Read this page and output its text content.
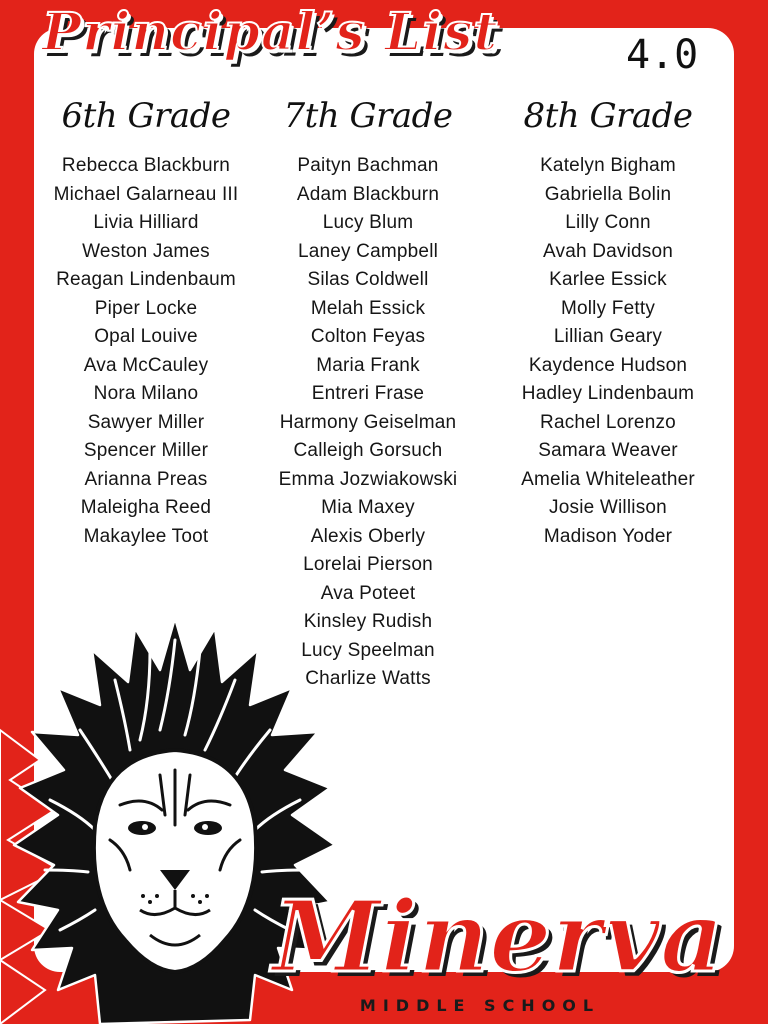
Principal’s List	4.0
6th Grade
Rebecca Blackburn
Michael Galarneau III
Livia Hilliard
Weston James
Reagan Lindenbaum
Piper Locke
Opal Louive
Ava McCauley
Nora Milano
Sawyer Miller
Spencer Miller
Arianna Preas
Maleigha Reed
Makaylee Toot
7th Grade
Paityn Bachman
Adam Blackburn
Lucy Blum
Laney Campbell
Silas Coldwell
Melah Essick
Colton Feyas
Maria Frank
Entreri Frase
Harmony Geiselman
Calleigh Gorsuch
Emma Jozwiakowski
Mia Maxey
Alexis Oberly
Lorelai Pierson
Ava Poteet
Kinsley Rudish
Lucy Speelman
Charlize Watts
8th Grade
Katelyn Bigham
Gabriella Bolin
Lilly Conn
Avah Davidson
Karlee Essick
Molly Fetty
Lillian Geary
Kaydence Hudson
Hadley Lindenbaum
Rachel Lorenzo
Samara Weaver
Amelia Whiteleather
Josie Willison
Madison Yoder
Minerva
MIDDLE SCHOOL
